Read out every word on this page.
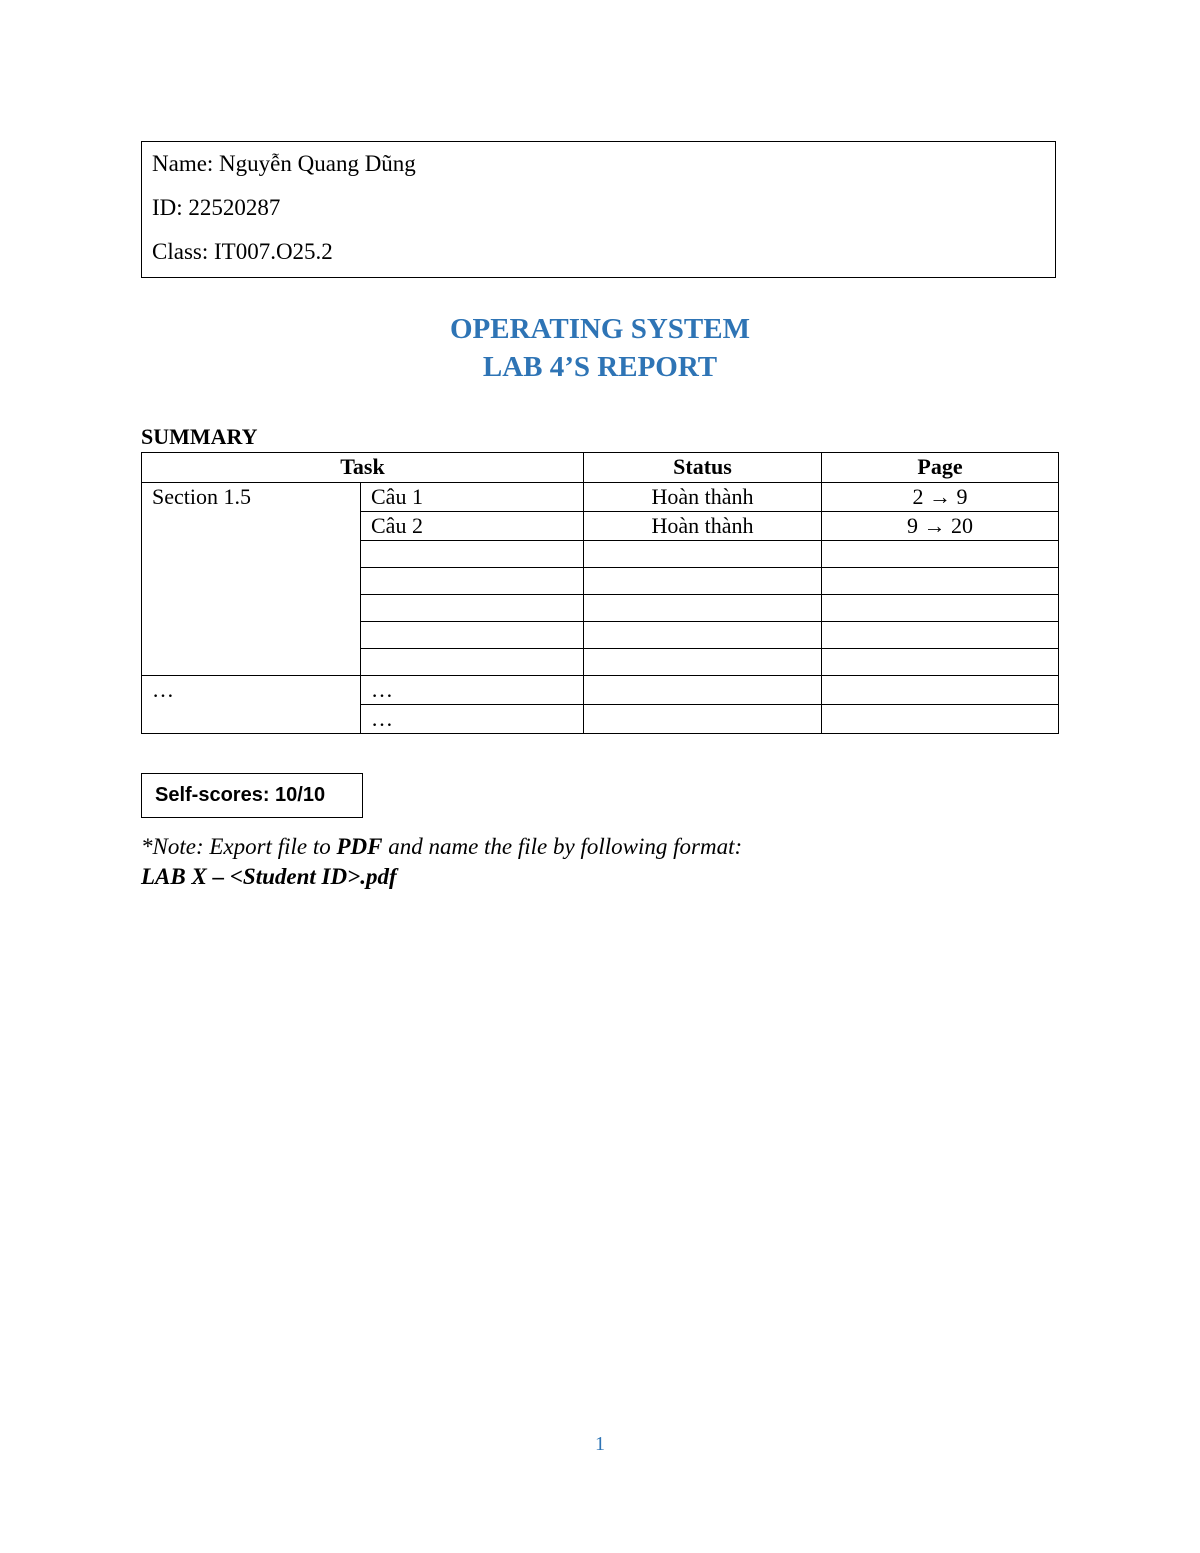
Name: Nguyễn Quang Dũng
ID: 22520287
Class: IT007.O25.2
OPERATING SYSTEM
LAB 4’S REPORT
SUMMARY
Task		Status	Page
Section 1.5	Câu 1	Hoàn thành	2 → 9
	Câu 2	Hoàn thành	9 → 20

…	…		
	…		
Self-scores: 10/10
*Note: Export file to PDF and name the file by following format:
LAB X – <Student ID>.pdf
1
